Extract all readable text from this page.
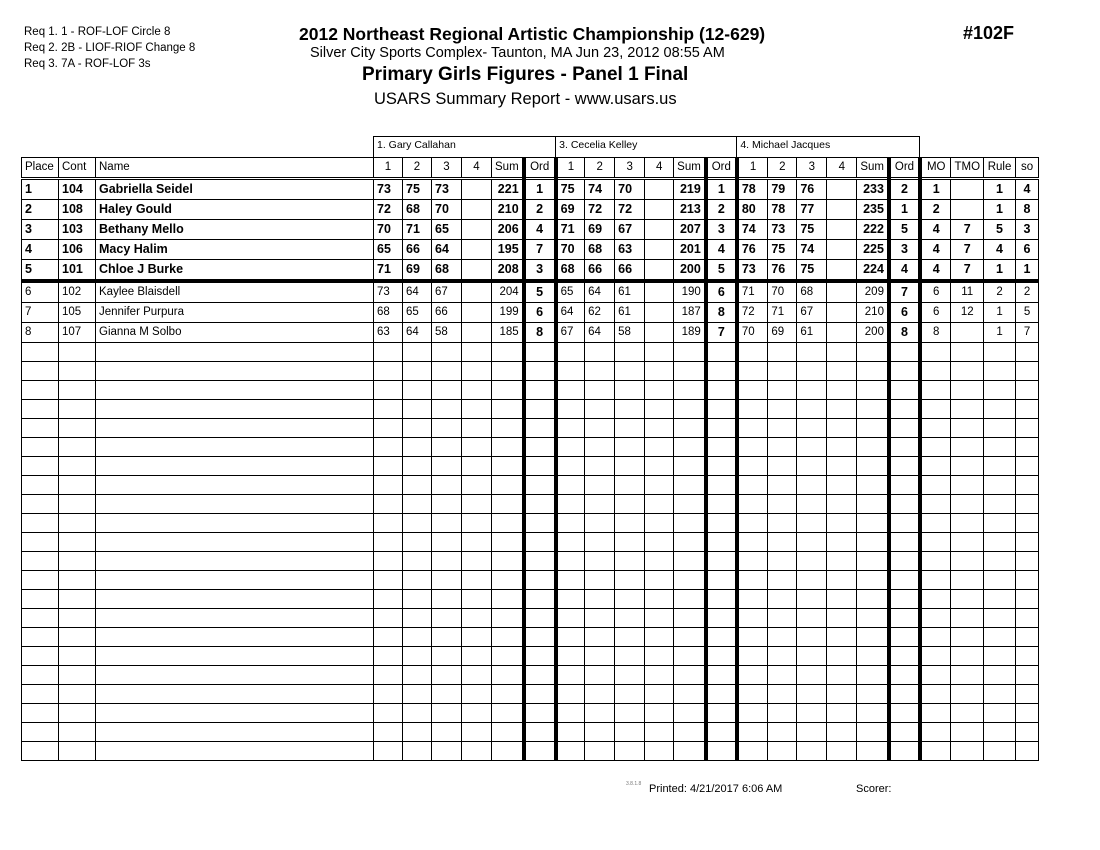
Req 1. 1 - ROF-LOF Circle 8
Req 2. 2B - LIOF-RIOF Change 8
Req 3. 7A - ROF-LOF 3s
2012 Northeast Regional Artistic Championship (12-629)
Silver City Sports Complex- Taunton, MA Jun 23, 2012 08:55 AM
Primary Girls Figures - Panel 1 Final
USARS Summary Report - www.usars.us
#102F
			1. Gary Callahan						3. Cecelia Kelley						4. Michael Jacques									
Place	Cont	Name	1	2	3	4	Sum	Ord	1	2	3	4	Sum	Ord	1	2	3	4	Sum	Ord	MO	TMO	Rule	so
1	104	Gabriella Seidel	73	75	73		221	1	75	74	70		219	1	78	79	76		233	2	1		1	4
2	108	Haley Gould	72	68	70		210	2	69	72	72		213	2	80	78	77		235	1	2		1	8
3	103	Bethany Mello	70	71	65		206	4	71	69	67		207	3	74	73	75		222	5	4	7	5	3
4	106	Macy Halim	65	66	64		195	7	70	68	63		201	4	76	75	74		225	3	4	7	4	6
5	101	Chloe J Burke	71	69	68		208	3	68	66	66		200	5	73	76	75		224	4	4	7	1	1
6	102	Kaylee Blaisdell	73	64	67		204	5	65	64	61		190	6	71	70	68		209	7	6	11	2	2
7	105	Jennifer Purpura	68	65	66		199	6	64	62	61		187	8	72	71	67		210	6	6	12	1	5
8	107	Gianna M Solbo	63	64	58		185	8	67	64	58		189	7	70	69	61		200	8	8		1	7

3.8.1.8 Printed: 4/21/2017 6:06 AM	Scorer:
